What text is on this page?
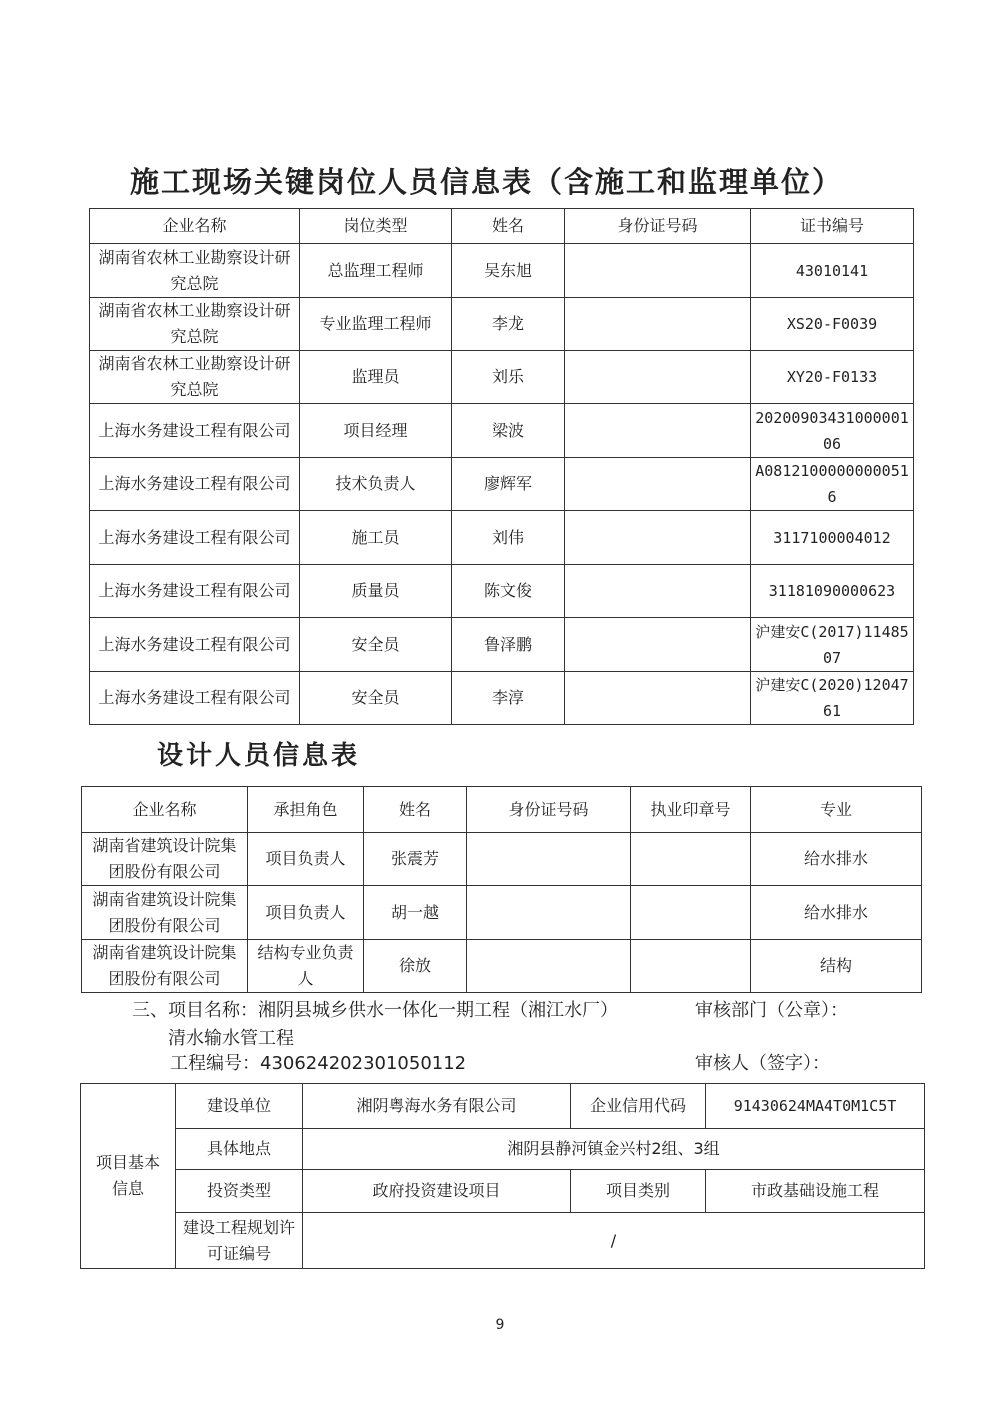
施工现场关键岗位人员信息表（含施工和监理单位）
企业名称	岗位类型	姓名	身份证号码	证书编号
湖南省农林工业勘察设计研究总院	总监理工程师	吴东旭		43010141
湖南省农林工业勘察设计研究总院	专业监理工程师	李龙		XS20-F0039
湖南省农林工业勘察设计研究总院	监理员	刘乐		XY20-F0133
上海水务建设工程有限公司	项目经理	梁波		2020090343100000106
上海水务建设工程有限公司	技术负责人	廖辉军		A08121000000000516
上海水务建设工程有限公司	施工员	刘伟		3117100004012
上海水务建设工程有限公司	质量员	陈文俊		31181090000623
上海水务建设工程有限公司	安全员	鲁泽鹏		沪建安C(2017)1148507
上海水务建设工程有限公司	安全员	李淳		沪建安C(2020)1204761
设计人员信息表
企业名称	承担角色	姓名	身份证号码	执业印章号	专业
湖南省建筑设计院集团股份有限公司	项目负责人	张震芳			给水排水
湖南省建筑设计院集团股份有限公司	项目负责人	胡一越			给水排水
湖南省建筑设计院集团股份有限公司	结构专业负责人	徐放			结构
三、项目名称：湘阴县城乡供水一体化一期工程（湘江水厂）	审核部门（公章）：
清水输水管工程
工程编号：430624202301050112	审核人（签字）：
项目基本信息	建设单位	湘阴粤海水务有限公司	企业信用代码	91430624MA4T0M1C5T
	具体地点	湘阴县静河镇金兴村2组、3组		
	投资类型	政府投资建设项目	项目类别	市政基础设施工程
	建设工程规划许可证编号	/		
9
